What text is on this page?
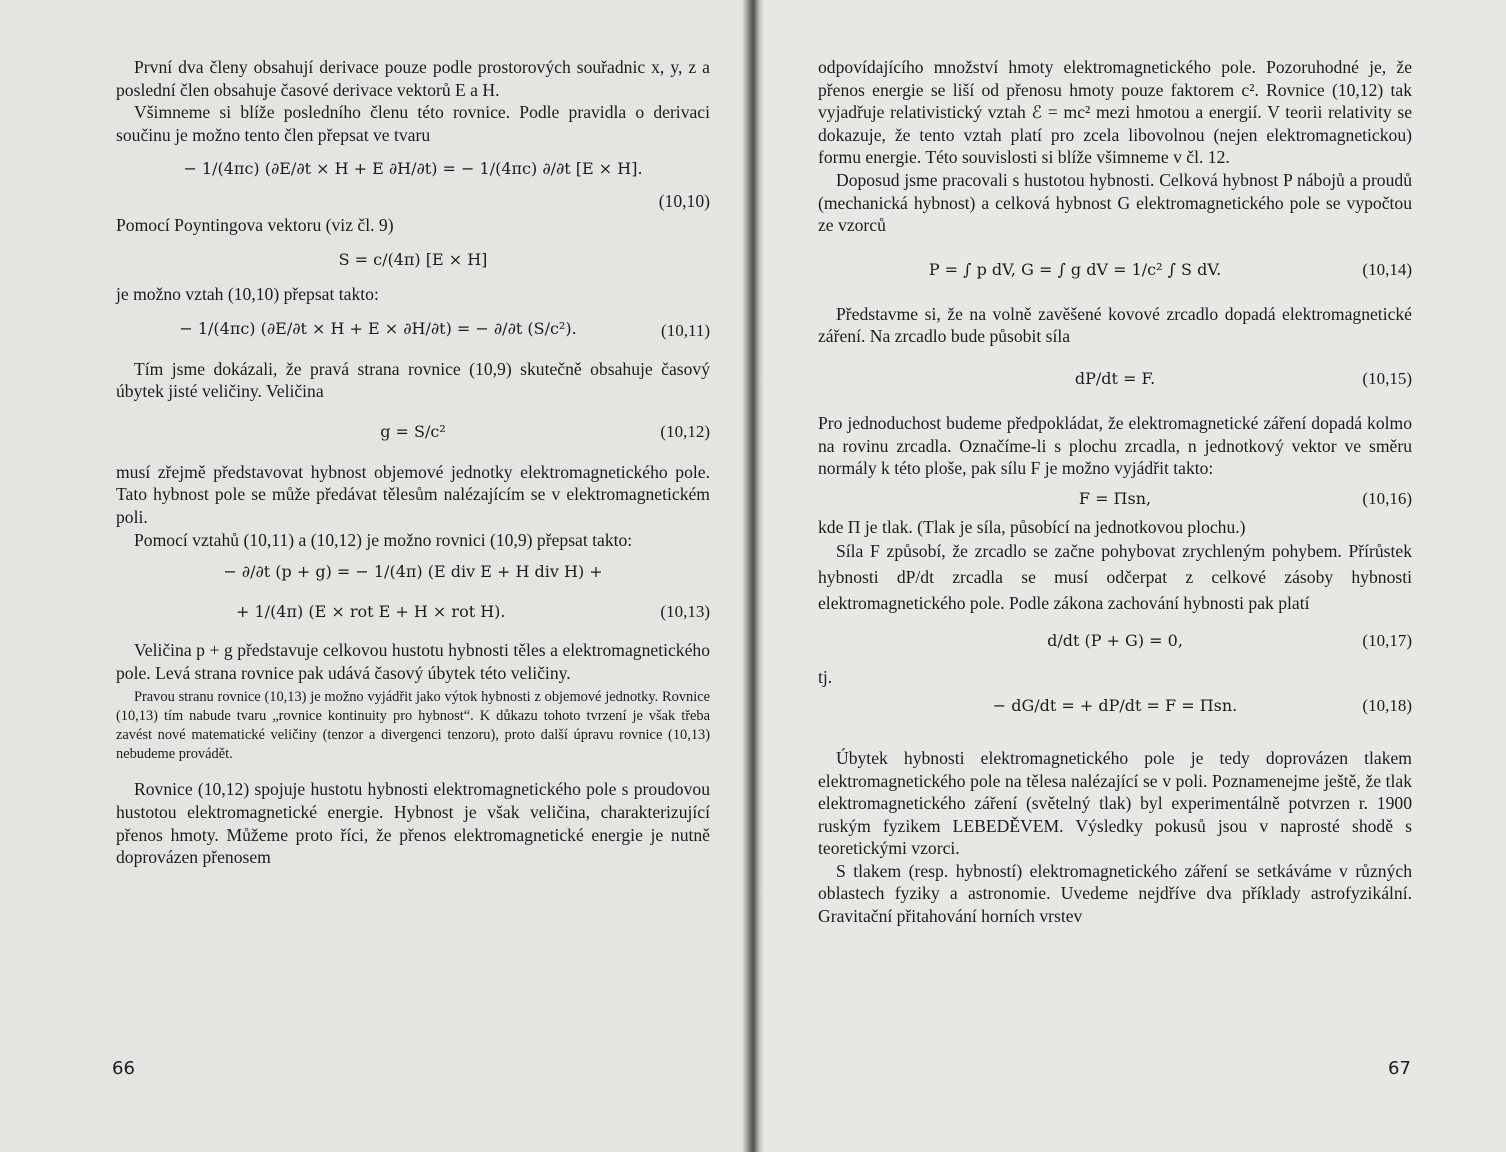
První dva členy obsahují derivace pouze podle prostorových souřadnic x, y, z a poslední člen obsahuje časové derivace vektorů E a H.

Všimneme si blíže posledního členu této rovnice. Podle pravidla o derivaci součinu je možno tento člen přepsat ve tvaru

− 1/(4πc) (∂E/∂t × H + E ∂H/∂t) = − 1/(4πc) ∂/∂t [E × H].
(10,10)

Pomocí Poyntingova vektoru (viz čl. 9)

S = c/(4π) [E × H]

je možno vztah (10,10) přepsat takto:

− 1/(4πc) (∂E/∂t × H + E × ∂H/∂t) = − ∂/∂t (S/c²).	(10,11)

Tím jsme dokázali, že pravá strana rovnice (10,9) skutečně obsahuje časový úbytek jisté veličiny. Veličina

g = S/c²	(10,12)

musí zřejmě představovat hybnost objemové jednotky elektromagnetického pole. Tato hybnost pole se může předávat tělesům nalézajícím se v elektromagnetickém poli.

Pomocí vztahů (10,11) a (10,12) je možno rovnici (10,9) přepsat takto:

− ∂/∂t (p + g) = − 1/(4π) (E div E + H div H) +
+ 1/(4π) (E × rot E + H × rot H).	(10,13)

Veličina p + g představuje celkovou hustotu hybnosti těles a elektromagnetického pole. Levá strana rovnice pak udává časový úbytek této veličiny.

Pravou stranu rovnice (10,13) je možno vyjádřit jako výtok hybnosti z objemové jednotky. Rovnice (10,13) tím nabude tvaru „rovnice kontinuity pro hybnost“. K důkazu tohoto tvrzení je však třeba zavést nové matematické veličiny (tenzor a divergenci tenzoru), proto další úpravu rovnice (10,13) nebudeme provádět.

Rovnice (10,12) spojuje hustotu hybnosti elektromagnetického pole s proudovou hustotou elektromagnetické energie. Hybnost je však veličina, charakterizující přenos hmoty. Můžeme proto říci, že přenos elektromagnetické energie je nutně doprovázen přenosem

66

odpovídajícího množství hmoty elektromagnetického pole. Pozoruhodné je, že přenos energie se liší od přenosu hmoty pouze faktorem c². Rovnice (10,12) tak vyjadřuje relativistický vztah ℰ = mc² mezi hmotou a energií. V teorii relativity se dokazuje, že tento vztah platí pro zcela libovolnou (nejen elektromagnetickou) formu energie. Této souvislosti si blíže všimneme v čl. 12.

Doposud jsme pracovali s hustotou hybnosti. Celková hybnost P nábojů a proudů (mechanická hybnost) a celková hybnost G elektromagnetického pole se vypočtou ze vzorců

P = ∫ p dV, G = ∫ g dV = 1/c² ∫ S dV.	(10,14)

Představme si, že na volně zavěšené kovové zrcadlo dopadá elektromagnetické záření. Na zrcadlo bude působit síla

dP/dt = F.	(10,15)

Pro jednoduchost budeme předpokládat, že elektromagnetické záření dopadá kolmo na rovinu zrcadla. Označíme-li s plochu zrcadla, n jednotkový vektor ve směru normály k této ploše, pak sílu F je možno vyjádřit takto:

F = Πsn,	(10,16)

kde Π je tlak. (Tlak je síla, působící na jednotkovou plochu.)

Síla F způsobí, že zrcadlo se začne pohybovat zrychleným pohybem. Přírůstek hybnosti dP/dt zrcadla se musí odčerpat z celkové zásoby hybnosti elektromagnetického pole. Podle zákona zachování hybnosti pak platí

d/dt (P + G) = 0,	(10,17)

tj.

− dG/dt = + dP/dt = F = Πsn.	(10,18)

Úbytek hybnosti elektromagnetického pole je tedy doprovázen tlakem elektromagnetického pole na tělesa nalézající se v poli. Poznamenejme ještě, že tlak elektromagnetického záření (světelný tlak) byl experimentálně potvrzen r. 1900 ruským fyzikem LEBEDĚVEM. Výsledky pokusů jsou v naprosté shodě s teoretickými vzorci.

S tlakem (resp. hybností) elektromagnetického záření se setkáváme v různých oblastech fyziky a astronomie. Uvedeme nejdříve dva příklady astrofyzikální. Gravitační přitahování horních vrstev

67
